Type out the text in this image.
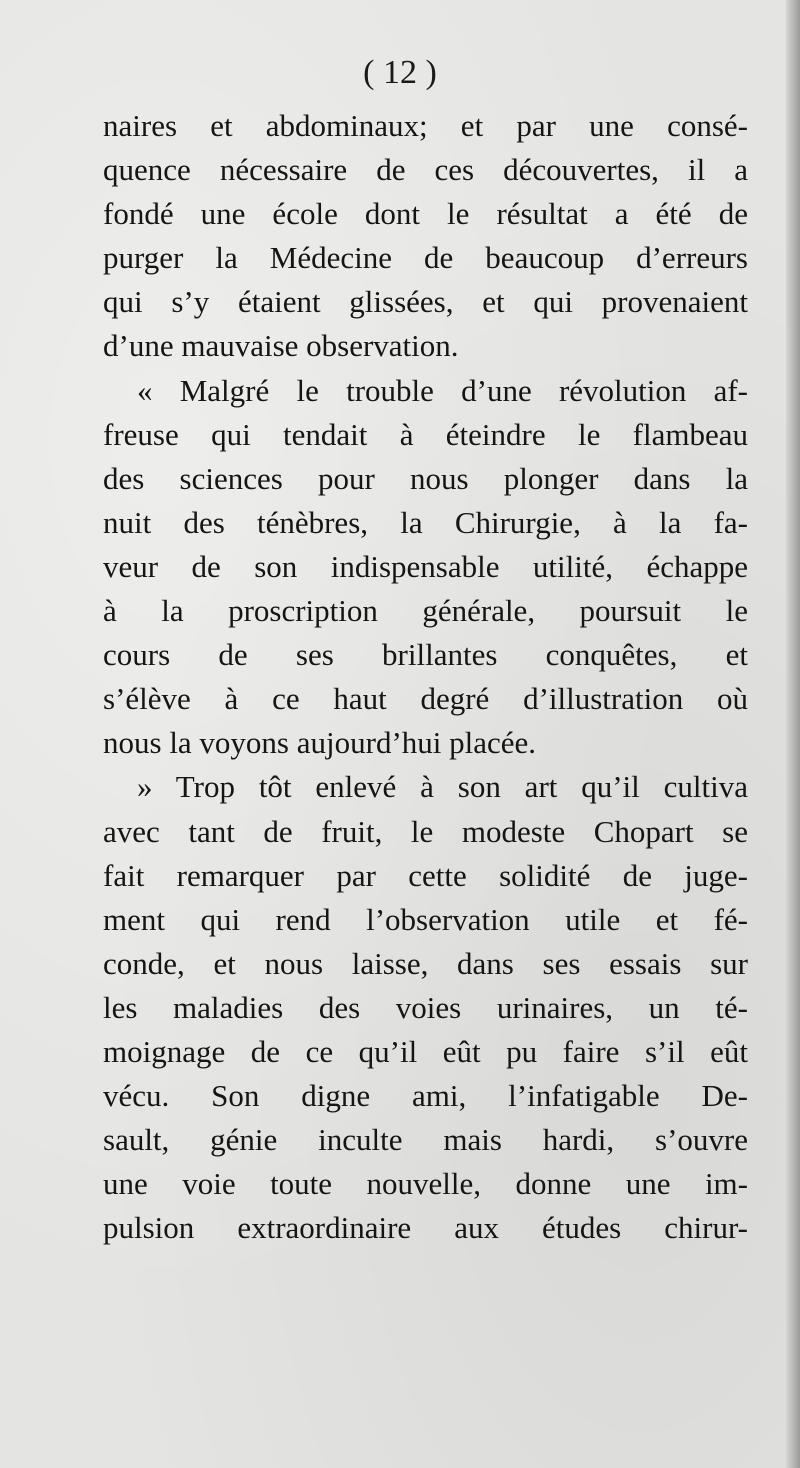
( 12 )
naires et abdominaux; et par une consé-
quence nécessaire de ces découvertes, il a
fondé une école dont le résultat a été de
purger la Médecine de beaucoup d’erreurs
qui s’y étaient glissées, et qui provenaient
d’une mauvaise observation.
« Malgré le trouble d’une révolution af-
freuse qui tendait à éteindre le flambeau
des sciences pour nous plonger dans la
nuit des ténèbres, la Chirurgie, à la fa-
veur de son indispensable utilité, échappe
à la proscription générale, poursuit le
cours de ses brillantes conquêtes, et
s’élève à ce haut degré d’illustration où
nous la voyons aujourd’hui placée.
» Trop tôt enlevé à son art qu’il cultiva
avec tant de fruit, le modeste Chopart se
fait remarquer par cette solidité de juge-
ment qui rend l’observation utile et fé-
conde, et nous laisse, dans ses essais sur
les maladies des voies urinaires, un té-
moignage de ce qu’il eût pu faire s’il eût
vécu. Son digne ami, l’infatigable De-
sault, génie inculte mais hardi, s’ouvre
une voie toute nouvelle, donne une im-
pulsion extraordinaire aux études chirur-
